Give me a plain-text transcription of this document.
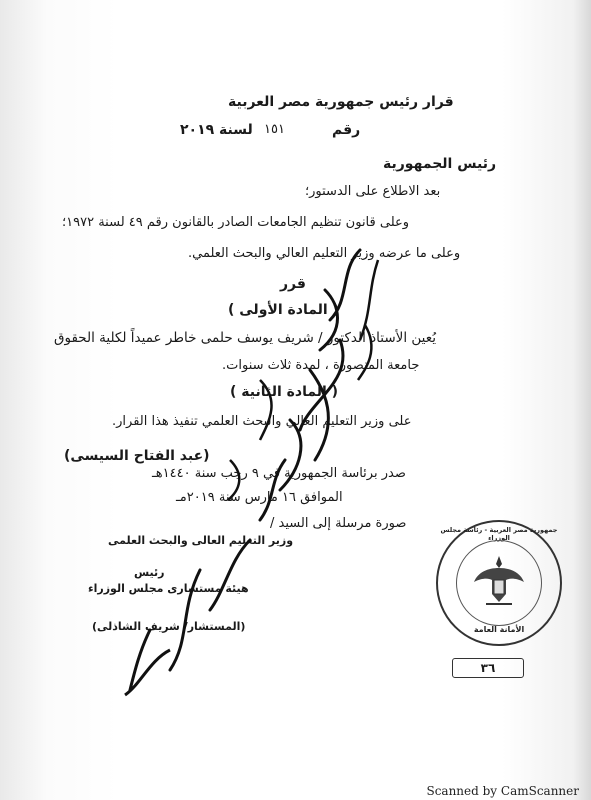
قرار رئيس جمهورية مصر العربية
رقم
١٥١
لسنة ٢٠١٩
رئيس الجمهورية
بعد الاطلاع على الدستور؛
وعلى قانون تنظيم الجامعات الصادر بالقانون رقم ٤٩ لسنة ١٩٧٢؛
وعلى ما عرضه وزير التعليم العالي والبحث العلمي.
قرر
( المادة الأولى )
يُعين الأستاذ الدكتور / شريف يوسف حلمى خاطر عميداً لكلية الحقوق
جامعة المنصورة ، لمدة ثلاث سنوات.
( المادة الثانية )
على وزير التعليم العالي والبحث العلمي تنفيذ هذا القرار.
(عبد الفتاح السيسى)
صدر برئاسة الجمهورية في ٩ رجب سنة ١٤٤٠هـ
الموافق ١٦ مارس سنة ٢٠١٩مـ
صورة مرسلة إلى السيد /
وزير التعليم العالى والبحث العلمى
رئيس
هيئة مستشارى مجلس الوزراء
(المستشار/ شريف الشاذلى)
جمهورية مصر العربية - رئاسة مجلس الوزراء
الأمانة العامة
٣٦
Scanned by CamScanner
